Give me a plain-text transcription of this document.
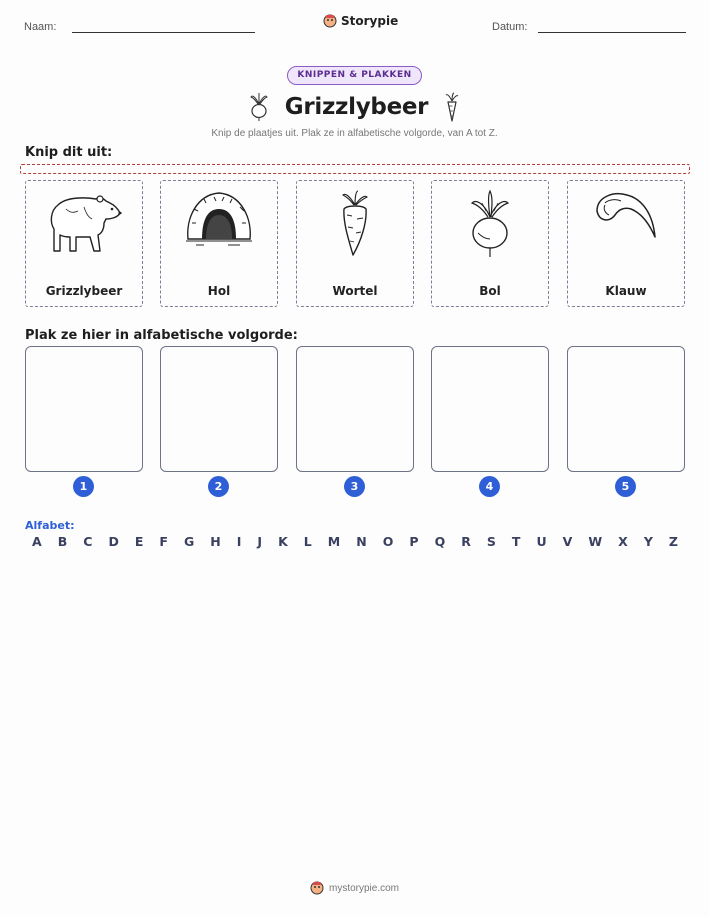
Naam:	Storypie	Datum:
KNIPPEN & PLAKKEN
Grizzlybeer
Knip de plaatjes uit. Plak ze in alfabetische volgorde, van A tot Z.
Knip dit uit:
Grizzlybeer	Hol	Wortel	Bol	Klauw
Plak ze hier in alfabetische volgorde:
1	2	3	4	5
Alfabet:
A B C D E F G H I J K L M N O P Q R S T U V W X Y Z
mystorypie.com
